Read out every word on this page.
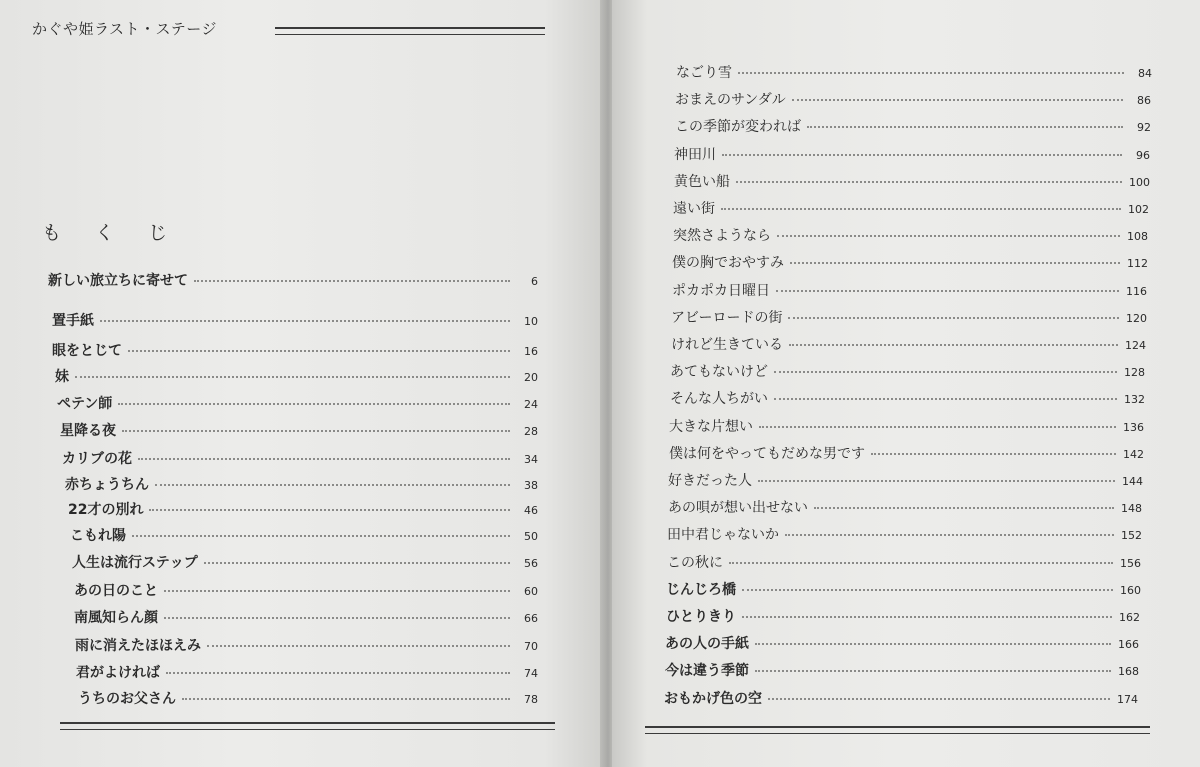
かぐや姫ラスト・ステージ
も く じ
新しい旅立ちに寄せて	6
置手紙	10
眼をとじて	16
妹	20
ペテン師	24
星降る夜	28
カリブの花	34
赤ちょうちん	38
22才の別れ	46
こもれ陽	50
人生は流行ステップ	56
あの日のこと	60
南風知らん顔	66
雨に消えたほほえみ	70
君がよければ	74
うちのお父さん	78
なごり雪	84
おまえのサンダル	86
この季節が変われば	92
神田川	96
黄色い船	100
遠い街	102
突然さようなら	108
僕の胸でおやすみ	112
ポカポカ日曜日	116
アビーロードの街	120
けれど生きている	124
あてもないけど	128
そんな人ちがい	132
大きな片想い	136
僕は何をやってもだめな男です	142
好きだった人	144
あの唄が想い出せない	148
田中君じゃないか	152
この秋に	156
じんじろ橋	160
ひとりきり	162
あの人の手紙	166
今は違う季節	168
おもかげ色の空	174
